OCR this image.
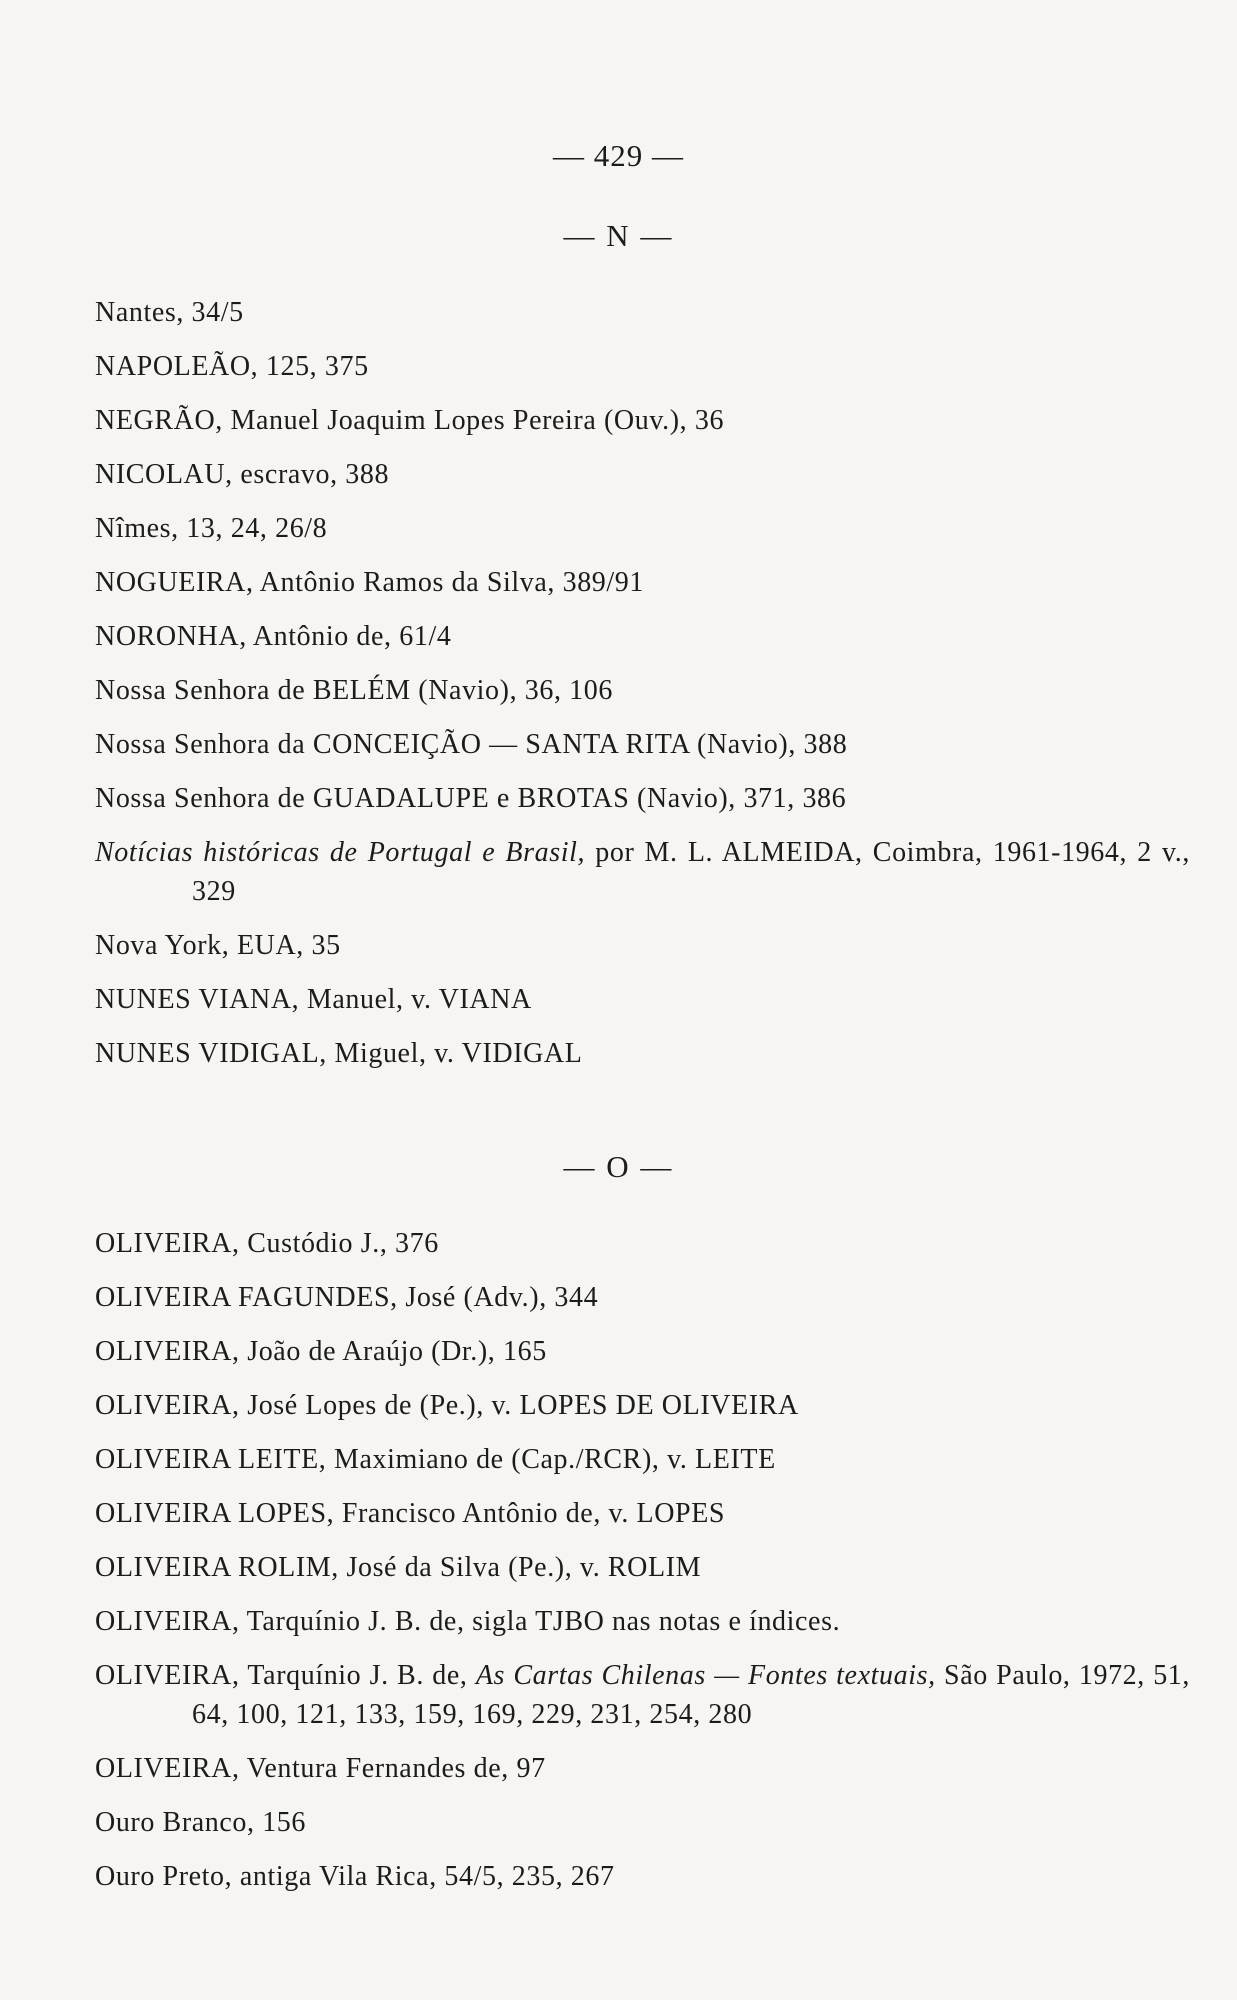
— 429 —
— N —
Nantes, 34/5
NAPOLEÃO, 125, 375
NEGRÃO, Manuel Joaquim Lopes Pereira (Ouv.), 36
NICOLAU, escravo, 388
Nîmes, 13, 24, 26/8
NOGUEIRA, Antônio Ramos da Silva, 389/91
NORONHA, Antônio de, 61/4
Nossa Senhora de BELÉM (Navio), 36, 106
Nossa Senhora da CONCEIÇÃO — SANTA RITA (Navio), 388
Nossa Senhora de GUADALUPE e BROTAS (Navio), 371, 386
Notícias históricas de Portugal e Brasil, por M. L. ALMEIDA, Coimbra, 1961-1964, 2 v., 329
Nova York, EUA, 35
NUNES VIANA, Manuel, v. VIANA
NUNES VIDIGAL, Miguel, v. VIDIGAL
— O —
OLIVEIRA, Custódio J., 376
OLIVEIRA FAGUNDES, José (Adv.), 344
OLIVEIRA, João de Araújo (Dr.), 165
OLIVEIRA, José Lopes de (Pe.), v. LOPES DE OLIVEIRA
OLIVEIRA LEITE, Maximiano de (Cap./RCR), v. LEITE
OLIVEIRA LOPES, Francisco Antônio de, v. LOPES
OLIVEIRA ROLIM, José da Silva (Pe.), v. ROLIM
OLIVEIRA, Tarquínio J. B. de, sigla TJBO nas notas e índices.
OLIVEIRA, Tarquínio J. B. de, As Cartas Chilenas — Fontes textuais, São Paulo, 1972, 51, 64, 100, 121, 133, 159, 169, 229, 231, 254, 280
OLIVEIRA, Ventura Fernandes de, 97
Ouro Branco, 156
Ouro Preto, antiga Vila Rica, 54/5, 235, 267
